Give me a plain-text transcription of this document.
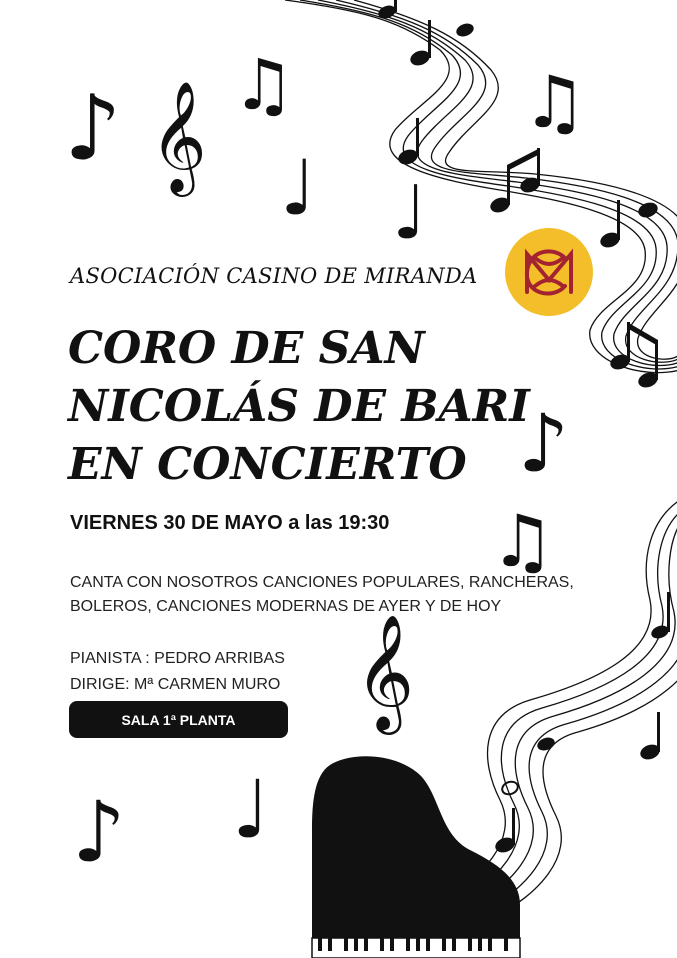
♪ 𝄞 ♫
♩ ♩
♫
♪
♫
𝄞
♪ ♩
ASOCIACIÓN CASINO DE MIRANDA
CORO DE SAN
NICOLÁS DE BARI
EN CONCIERTO
VIERNES 30 DE MAYO a las 19:30
CANTA CON NOSOTROS CANCIONES POPULARES, RANCHERAS,
BOLEROS, CANCIONES MODERNAS DE AYER Y DE HOY
PIANISTA : PEDRO ARRIBAS
DIRIGE: Mª CARMEN MURO
SALA 1ª PLANTA
